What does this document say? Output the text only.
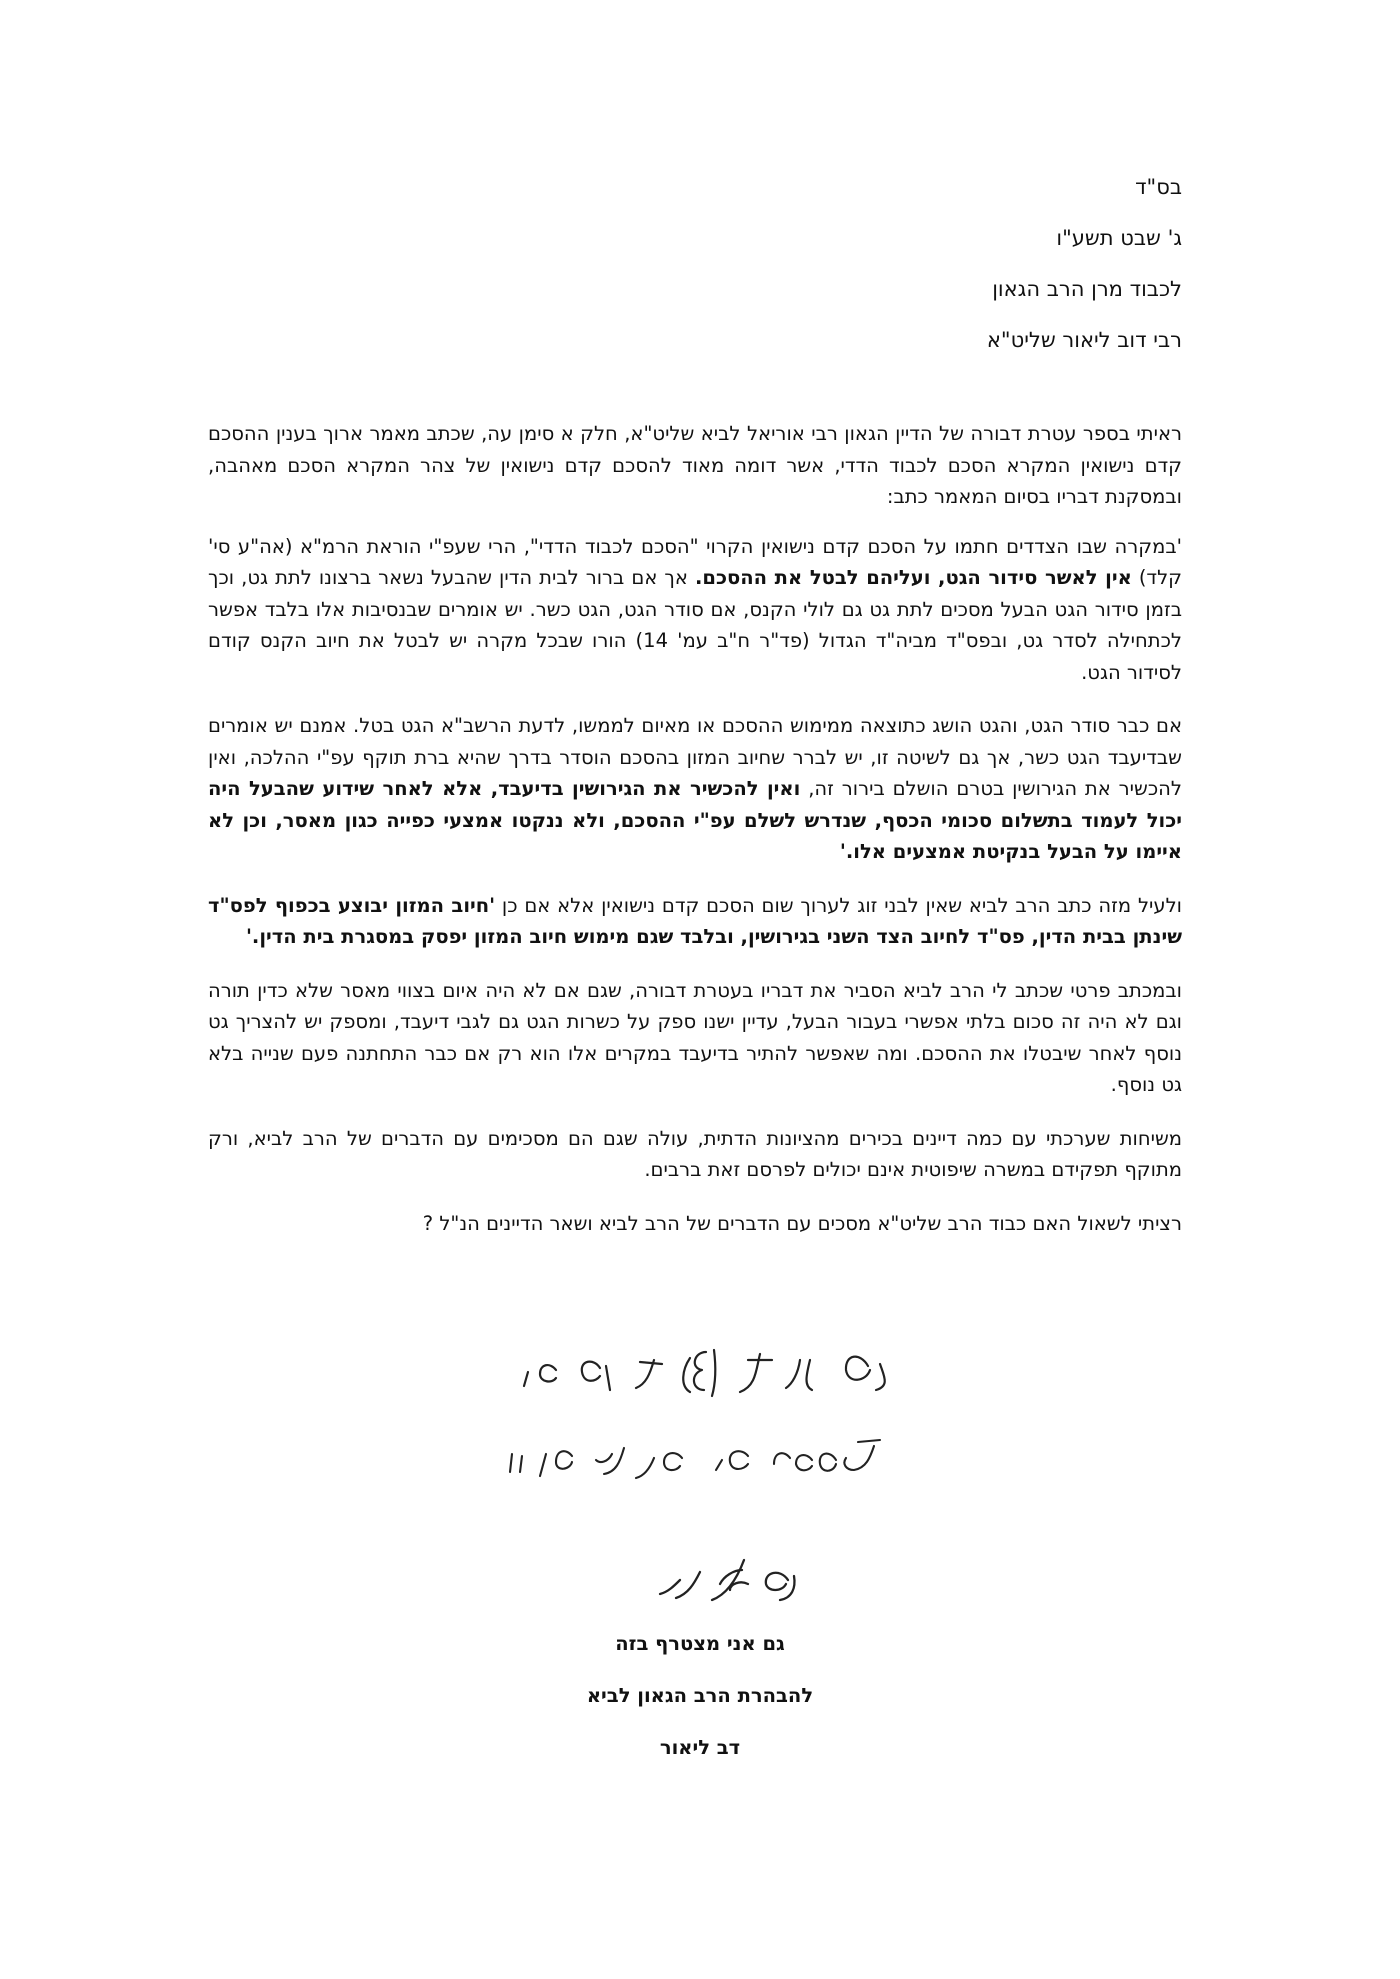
בס"ד
ג' שבט תשע"ו
לכבוד מרן הרב הגאון
רבי דוב ליאור שליט"א

ראיתי בספר עטרת דבורה של הדיין הגאון רבי אוריאל לביא שליט"א, חלק א סימן עה, שכתב מאמר ארוך בענין ההסכם קדם נישואין המקרא הסכם לכבוד הדדי, אשר דומה מאוד להסכם קדם נישואין של צהר המקרא הסכם מאהבה, ובמסקנת דבריו בסיום המאמר כתב:

'במקרה שבו הצדדים חתמו על הסכם קדם נישואין הקרוי "הסכם לכבוד הדדי", הרי שעפ"י הוראת הרמ"א (אה"ע סי' קלד) אין לאשר סידור הגט, ועליהם לבטל את ההסכם. אך אם ברור לבית הדין שהבעל נשאר ברצונו לתת גט, וכך בזמן סידור הגט הבעל מסכים לתת גט גם לולי הקנס, אם סודר הגט, הגט כשר. יש אומרים שבנסיבות אלו בלבד אפשר לכתחילה לסדר גט, ובפס"ד מביה"ד הגדול (פד"ר ח"ב עמ' 14) הורו שבכל מקרה יש לבטל את חיוב הקנס קודם לסידור הגט.

אם כבר סודר הגט, והגט הושג כתוצאה ממימוש ההסכם או מאיום לממשו, לדעת הרשב"א הגט בטל. אמנם יש אומרים שבדיעבד הגט כשר, אך גם לשיטה זו, יש לברר שחיוב המזון בהסכם הוסדר בדרך שהיא ברת תוקף עפ"י ההלכה, ואין להכשיר את הגירושין בטרם הושלם בירור זה, ואין להכשיר את הגירושין בדיעבד, אלא לאחר שידוע שהבעל היה יכול לעמוד בתשלום סכומי הכסף, שנדרש לשלם עפ"י ההסכם, ולא ננקטו אמצעי כפייה כגון מאסר, וכן לא איימו על הבעל בנקיטת אמצעים אלו.'

ולעיל מזה כתב הרב לביא שאין לבני זוג לערוך שום הסכם קדם נישואין אלא אם כן 'חיוב המזון יבוצע בכפוף לפס"ד שינתן בבית הדין, פס"ד לחיוב הצד השני בגירושין, ובלבד שגם מימוש חיוב המזון יפסק במסגרת בית הדין.'

ובמכתב פרטי שכתב לי הרב לביא הסביר את דבריו בעטרת דבורה, שגם אם לא היה איום בצווי מאסר שלא כדין תורה וגם לא היה זה סכום בלתי אפשרי בעבור הבעל, עדיין ישנו ספק על כשרות הגט גם לגבי דיעבד, ומספק יש להצריך גט נוסף לאחר שיבטלו את ההסכם. ומה שאפשר להתיר בדיעבד במקרים אלו הוא רק אם כבר התחתנה פעם שנייה בלא גט נוסף.

משיחות שערכתי עם כמה דיינים בכירים מהציונות הדתית, עולה שגם הם מסכימים עם הדברים של הרב לביא, ורק מתוקף תפקידם במשרה שיפוטית אינם יכולים לפרסם זאת ברבים.

רציתי לשאול האם כבוד הרב שליט"א מסכים עם הדברים של הרב לביא ושאר הדיינים הנ"ל ?

בע"ה יהודה עטיה
להבהרת הרב יגאל שמי
דב ליאור
גם אני מצטרף בזה
להבהרת הרב הגאון לביא
דב ליאור
